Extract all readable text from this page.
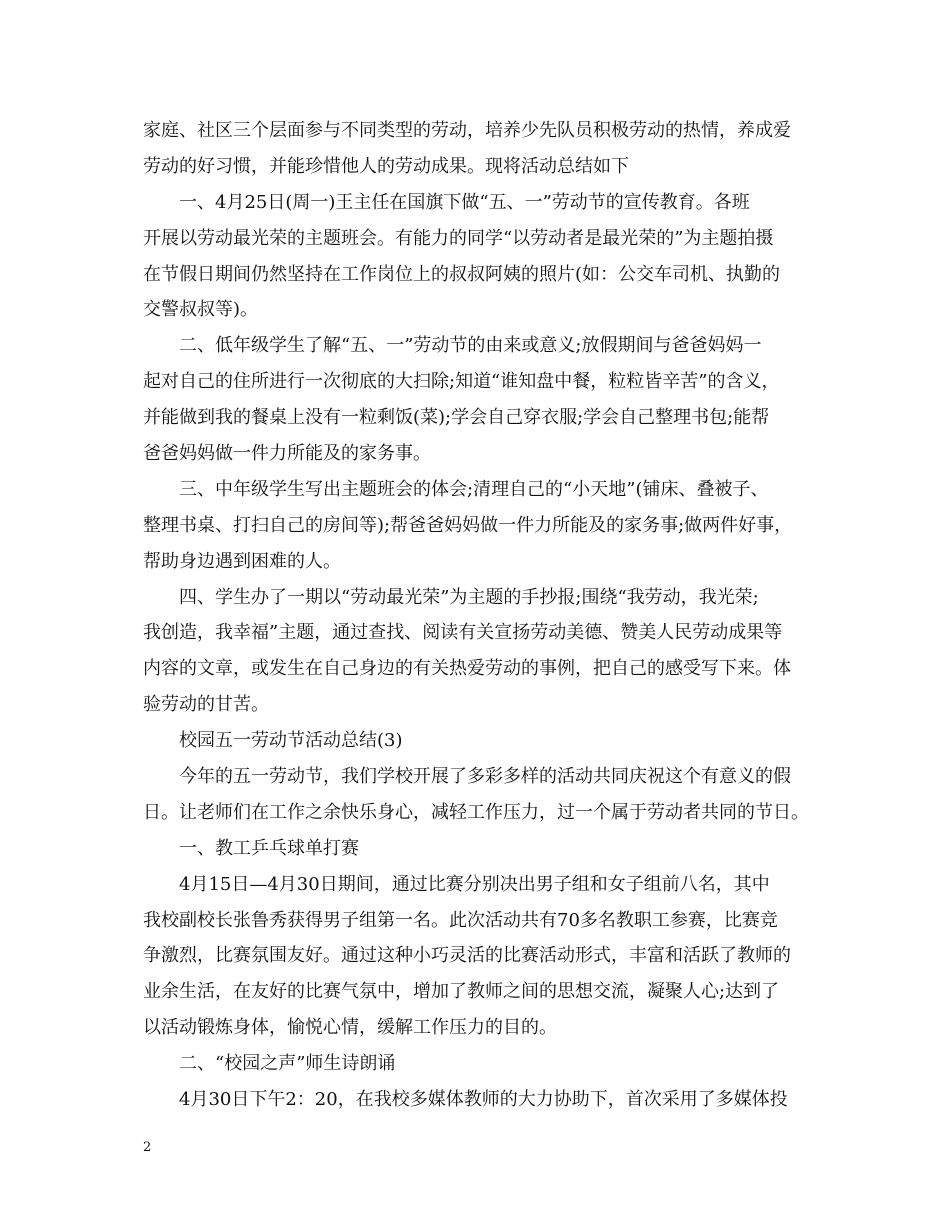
家庭、社区三个层面参与不同类型的劳动，培养少先队员积极劳动的热情，养成爱
劳动的好习惯，并能珍惜他人的劳动成果。现将活动总结如下
一、4月25日(周一)王主任在国旗下做“五、一”劳动节的宣传教育。各班
开展以劳动最光荣的主题班会。有能力的同学“以劳动者是最光荣的”为主题拍摄
在节假日期间仍然坚持在工作岗位上的叔叔阿姨的照片(如：公交车司机、执勤的
交警叔叔等)。
二、低年级学生了解“五、一”劳动节的由来或意义;放假期间与爸爸妈妈一
起对自己的住所进行一次彻底的大扫除;知道“谁知盘中餐，粒粒皆辛苦”的含义，
并能做到我的餐桌上没有一粒剩饭(菜);学会自己穿衣服;学会自己整理书包;能帮
爸爸妈妈做一件力所能及的家务事。
三、中年级学生写出主题班会的体会;清理自己的“小天地”(铺床、叠被子、
整理书桌、打扫自己的房间等);帮爸爸妈妈做一件力所能及的家务事;做两件好事，
帮助身边遇到困难的人。
四、学生办了一期以“劳动最光荣”为主题的手抄报;围绕“我劳动，我光荣;
我创造，我幸福”主题，通过查找、阅读有关宣扬劳动美德、赞美人民劳动成果等
内容的文章，或发生在自己身边的有关热爱劳动的事例，把自己的感受写下来。体
验劳动的甘苦。
校园五一劳动节活动总结(3)
今年的五一劳动节，我们学校开展了多彩多样的活动共同庆祝这个有意义的假
日。让老师们在工作之余快乐身心，减轻工作压力，过一个属于劳动者共同的节日。
一、教工乒乓球单打赛
4月15日—4月30日期间，通过比赛分别决出男子组和女子组前八名，其中
我校副校长张鲁秀获得男子组第一名。此次活动共有70多名教职工参赛，比赛竞
争激烈，比赛氛围友好。通过这种小巧灵活的比赛活动形式，丰富和活跃了教师的
业余生活，在友好的比赛气氛中，增加了教师之间的思想交流，凝聚人心;达到了
以活动锻炼身体，愉悦心情，缓解工作压力的目的。
二、“校园之声”师生诗朗诵
4月30日下午2：20，在我校多媒体教师的大力协助下，首次采用了多媒体投
2
